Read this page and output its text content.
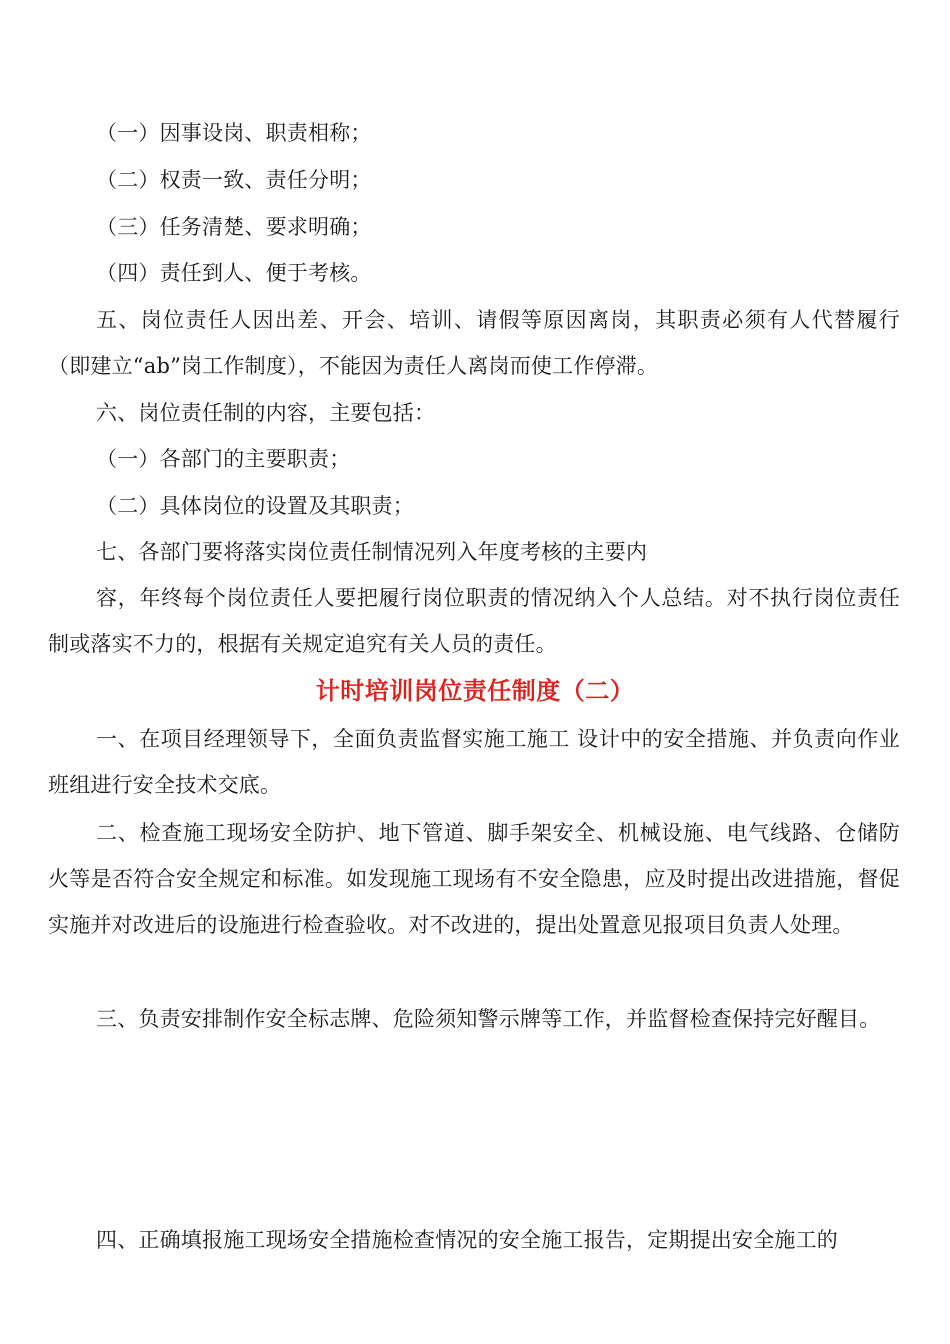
（一）因事设岗、职责相称；

（二）权责一致、责任分明；

（三）任务清楚、要求明确；

（四）责任到人、便于考核。

五、岗位责任人因出差、开会、培训、请假等原因离岗，其职责必须有人代替履行（即建立“ab”岗工作制度），不能因为责任人离岗而使工作停滞。

六、岗位责任制的内容，主要包括：

（一）各部门的主要职责；

（二）具体岗位的设置及其职责；

七、各部门要将落实岗位责任制情况列入年度考核的主要内

容，年终每个岗位责任人要把履行岗位职责的情况纳入个人总结。对不执行岗位责任制或落实不力的，根据有关规定追究有关人员的责任。

计时培训岗位责任制度（二）

一、在项目经理领导下，全面负责监督实施工施工 设计中的安全措施、并负责向作业班组进行安全技术交底。

二、检查施工现场安全防护、地下管道、脚手架安全、机械设施、电气线路、仓储防火等是否符合安全规定和标准。如发现施工现场有不安全隐患，应及时提出改进措施，督促实施并对改进后的设施进行检查验收。对不改进的，提出处置意见报项目负责人处理。

三、负责安排制作安全标志牌、危险须知警示牌等工作，并监督检查保持完好醒目。

四、正确填报施工现场安全措施检查情况的安全施工报告，定期提出安全施工的
